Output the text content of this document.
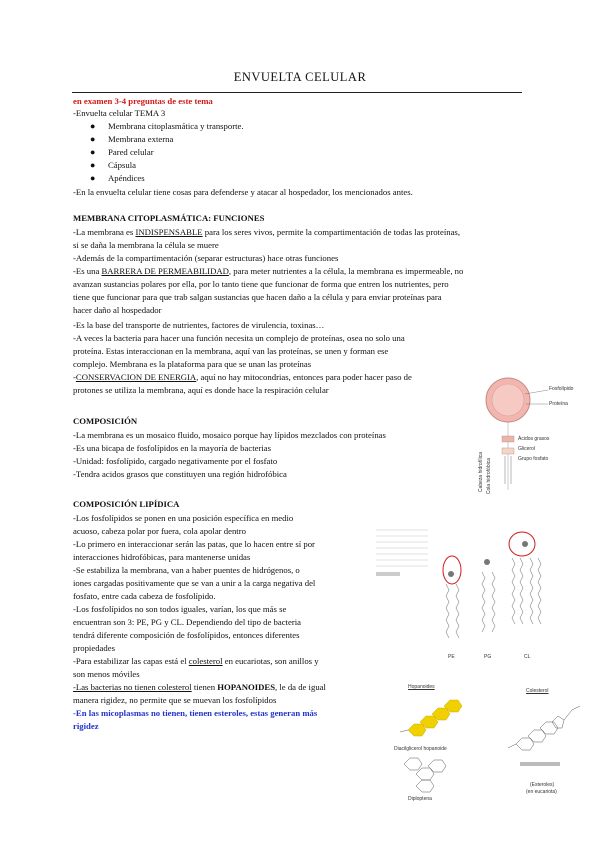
ENVUELTA CELULAR
en examen 3-4 preguntas de este tema
-Envuelta celular TEMA 3
● Membrana citoplasmática y transporte.
● Membrana externa
● Pared celular
● Cápsula
● Apéndices
-En la envuelta celular tiene cosas para defenderse y atacar al hospedador, los mencionados antes.
MEMBRANA CITOPLASMÁTICA: FUNCIONES
-La membrana es INDISPENSABLE para los seres vivos, permite la compartimentación de todas las proteínas,
si se daña la membrana la célula se muere
-Además de la compartimentación (separar estructuras) hace otras funciones
-Es una BARRERA DE PERMEABILIDAD, para meter nutrientes a la célula, la membrana es impermeable, no
avanzan sustancias polares por ella, por lo tanto tiene que funcionar de forma que entren los nutrientes, pero
tiene que funcionar para que trab salgan sustancias que hacen daño a la célula y para enviar proteínas para
hacer daño al hospedador
-Es la base del transporte de nutrientes, factores de virulencia, toxinas…
-A veces la bacteria para hacer una función necesita un complejo de proteínas, osea no solo una
proteína. Estas interaccionan en la membrana, aquí van las proteínas, se unen y forman ese
complejo. Membrana es la plataforma para que se unan las proteínas
-CONSERVACION DE ENERGIA, aquí no hay mitocondrias, entonces para poder hacer paso de
protones se utiliza la membrana, aquí es donde hace la respiración celular
COMPOSICIÓN
-La membrana es un mosaico fluido, mosaico porque hay lípidos mezclados con proteínas
-Es una bicapa de fosfolípidos en la mayoría de bacterias
-Unidad: fosfolípido, cargado negativamente por el fosfato
-Tendra acidos grasos que constituyen una región hidrofóbica
COMPOSICIÓN LIPÍDICA
-Los fosfolípidos se ponen en una posición específica en medio
acuoso, cabeza polar por fuera, cola apolar dentro
-Lo primero en interaccionar serán las patas, que lo hacen entre sí por
interacciones hidrofóbicas, para mantenerse unidas
-Se estabiliza la membrana, van a haber puentes de hidrógenos, o
iones cargadas positivamente que se van a unir a la carga negativa del
fosfato, entre cada cabeza de fosfolípido.
-Los fosfolípidos no son todos iguales, varían, los que más se
encuentran son 3: PE, PG y CL. Dependiendo del tipo de bacteria
tendrá diferente composición de fosfolípidos, entonces diferentes
propiedades
-Para estabilizar las capas está el colesterol en eucariotas, son anillos y
son menos móviles
-Las bacterias no tienen colesterol tienen HOPANOIDES, le da de igual
manera rigidez, no permite que se muevan los fosfolípidos
-En las micoplasmas no tienen, tienen esteroles, estas generan más
rigidez
Fosfolípido
Proteína
Cabeza hidrofílica Cola hidrofóbica
Ácidos grasos
Glicerol
Grupo fosfato
PE	PG	CL
Hopanoides
Diacilglicerol hopanoide
Diploptena
Colesterol
(Esteroles)
(en eucariota)
